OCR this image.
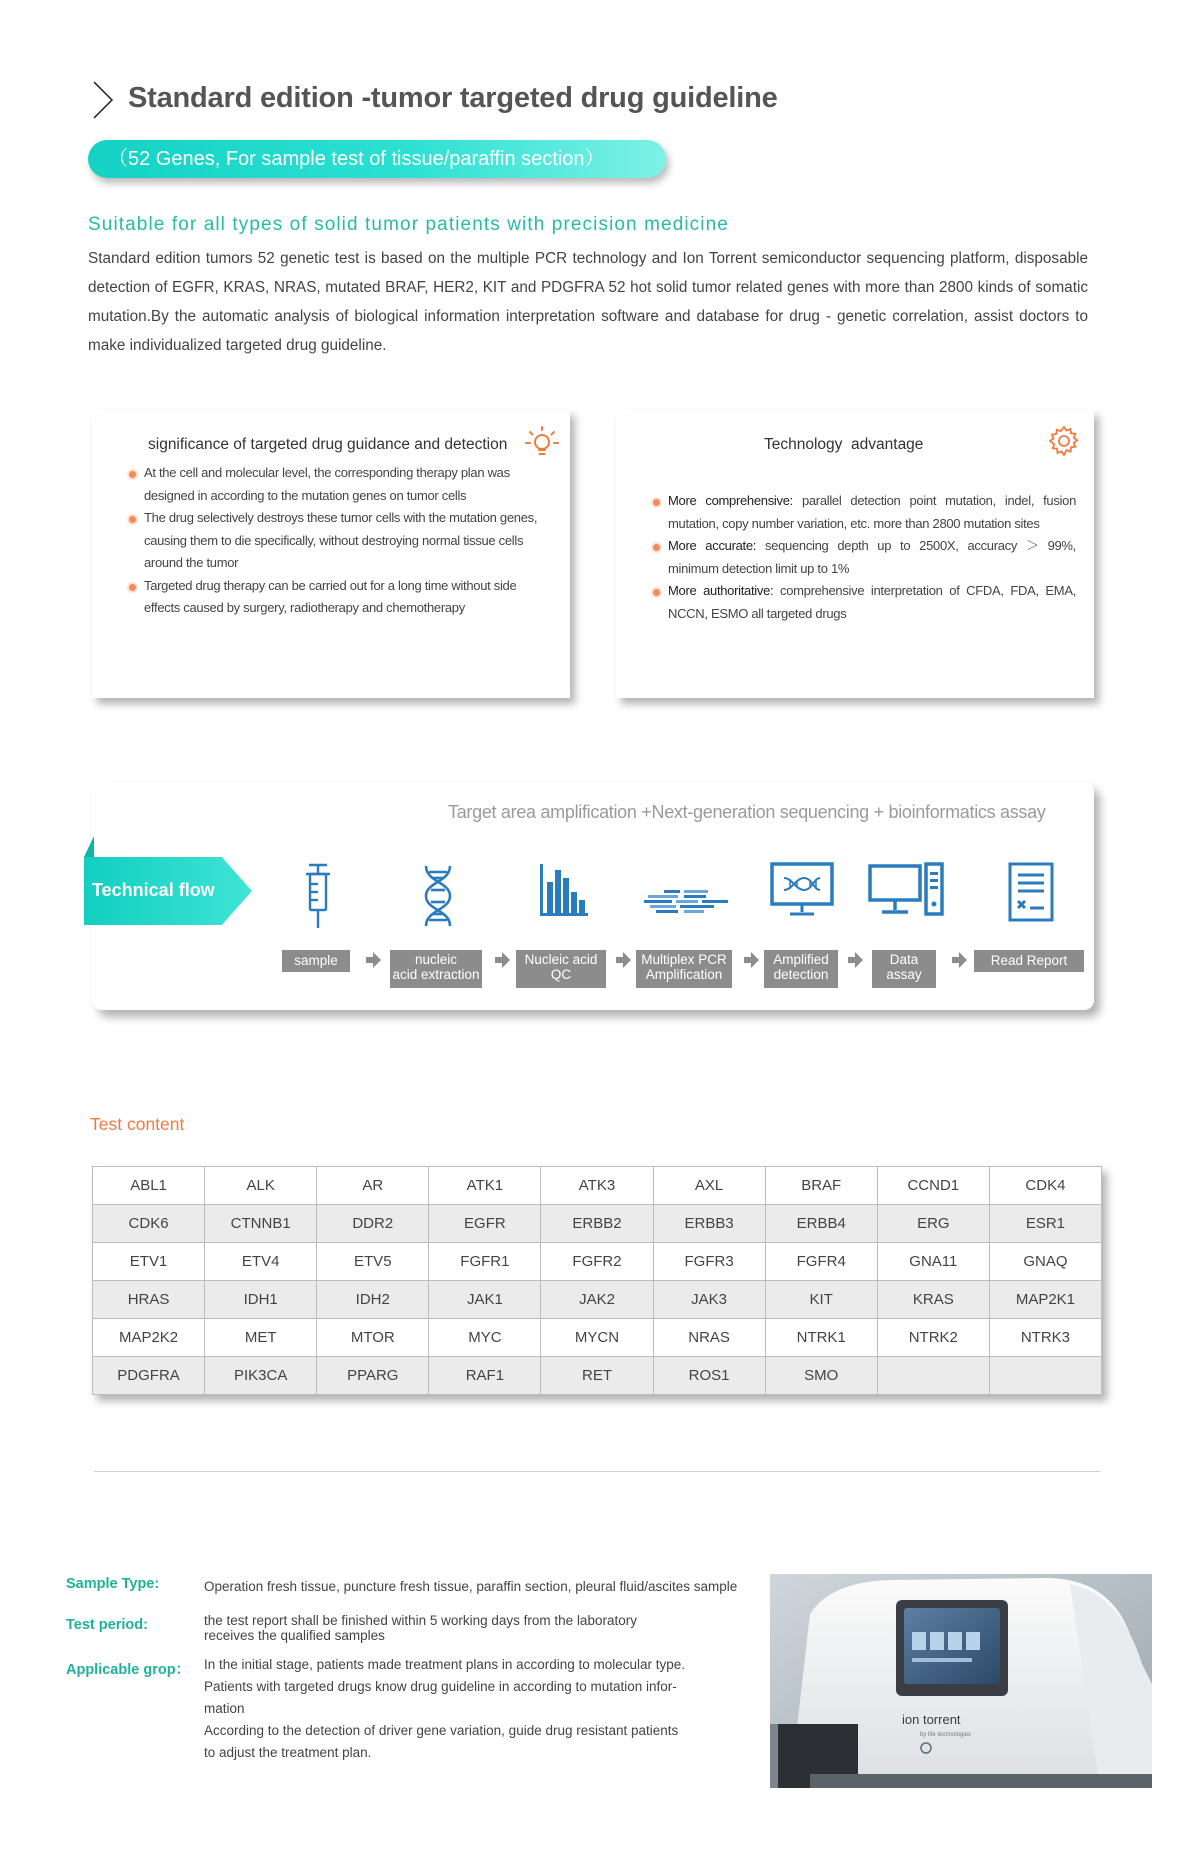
Standard edition -tumor targeted drug guideline
（52 Genes, For sample test of tissue/paraffin section）
Suitable for all types of solid tumor patients with precision medicine

Standard edition tumors 52 genetic test is based on the multiple PCR technology and Ion Torrent semiconductor sequencing platform, disposable detection of EGFR, KRAS, NRAS, mutated BRAF, HER2, KIT and PDGFRA 52 hot solid tumor related genes with more than 2800 kinds of somatic mutation.By the automatic analysis of biological information interpretation software and database for drug - genetic correlation, assist doctors to make individualized targeted drug guideline.

significance of targeted drug guidance and detection
At the cell and molecular level, the corresponding therapy plan was designed in according to the mutation genes on tumor cells
The drug selectively destroys these tumor cells with the mutation genes, causing them to die specifically, without destroying normal tissue cells around the tumor
Targeted drug therapy can be carried out for a long time without side effects caused by surgery, radiotherapy and chemotherapy
Technology  advantage
More comprehensive: parallel detection point mutation, indel, fusion mutation, copy number variation, etc. more than 2800 mutation sites
More accurate: sequencing depth up to 2500X, accuracy ＞ 99%, minimum detection limit up to 1%
More authoritative: comprehensive interpretation of CFDA, FDA, EMA, NCCN, ESMO all targeted drugs
Target area amplification +Next-generation sequencing + bioinformatics assay
Technical flow
sample	nucleic
acid extraction
Nucleic acid
QC
Multiplex PCR
Amplification
Amplified
detection
Data
assay
Read Report
Test content
ABL1	ALK	AR	ATK1	ATK3	AXL	BRAF	CCND1	CDK4
CDK6	CTNNB1	DDR2	EGFR	ERBB2	ERBB3	ERBB4	ERG	ESR1
ETV1	ETV4	ETV5	FGFR1	FGFR2	FGFR3	FGFR4	GNA11	GNAQ
HRAS	IDH1	IDH2	JAK1	JAK2	JAK3	KIT	KRAS	MAP2K1
MAP2K2	MET	MTOR	MYC	MYCN	NRAS	NTRK1	NTRK2	NTRK3
PDGFRA	PIK3CA	PPARG	RAF1	RET	ROS1	SMO		
Sample Type:	Operation fresh tissue, puncture fresh tissue, paraffin section, pleural fluid/ascites sample
Test period:	the test report shall be finished within 5 working days from the laboratory
receives the qualified samples
Applicable grop： In the initial stage, patients made treatment plans in according to molecular type.
Patients with targeted drugs know drug guideline in according to mutation infor-
mation
According to the detection of driver gene variation, guide drug resistant patients
to adjust the treatment plan.
ion torrent
by life technologies
